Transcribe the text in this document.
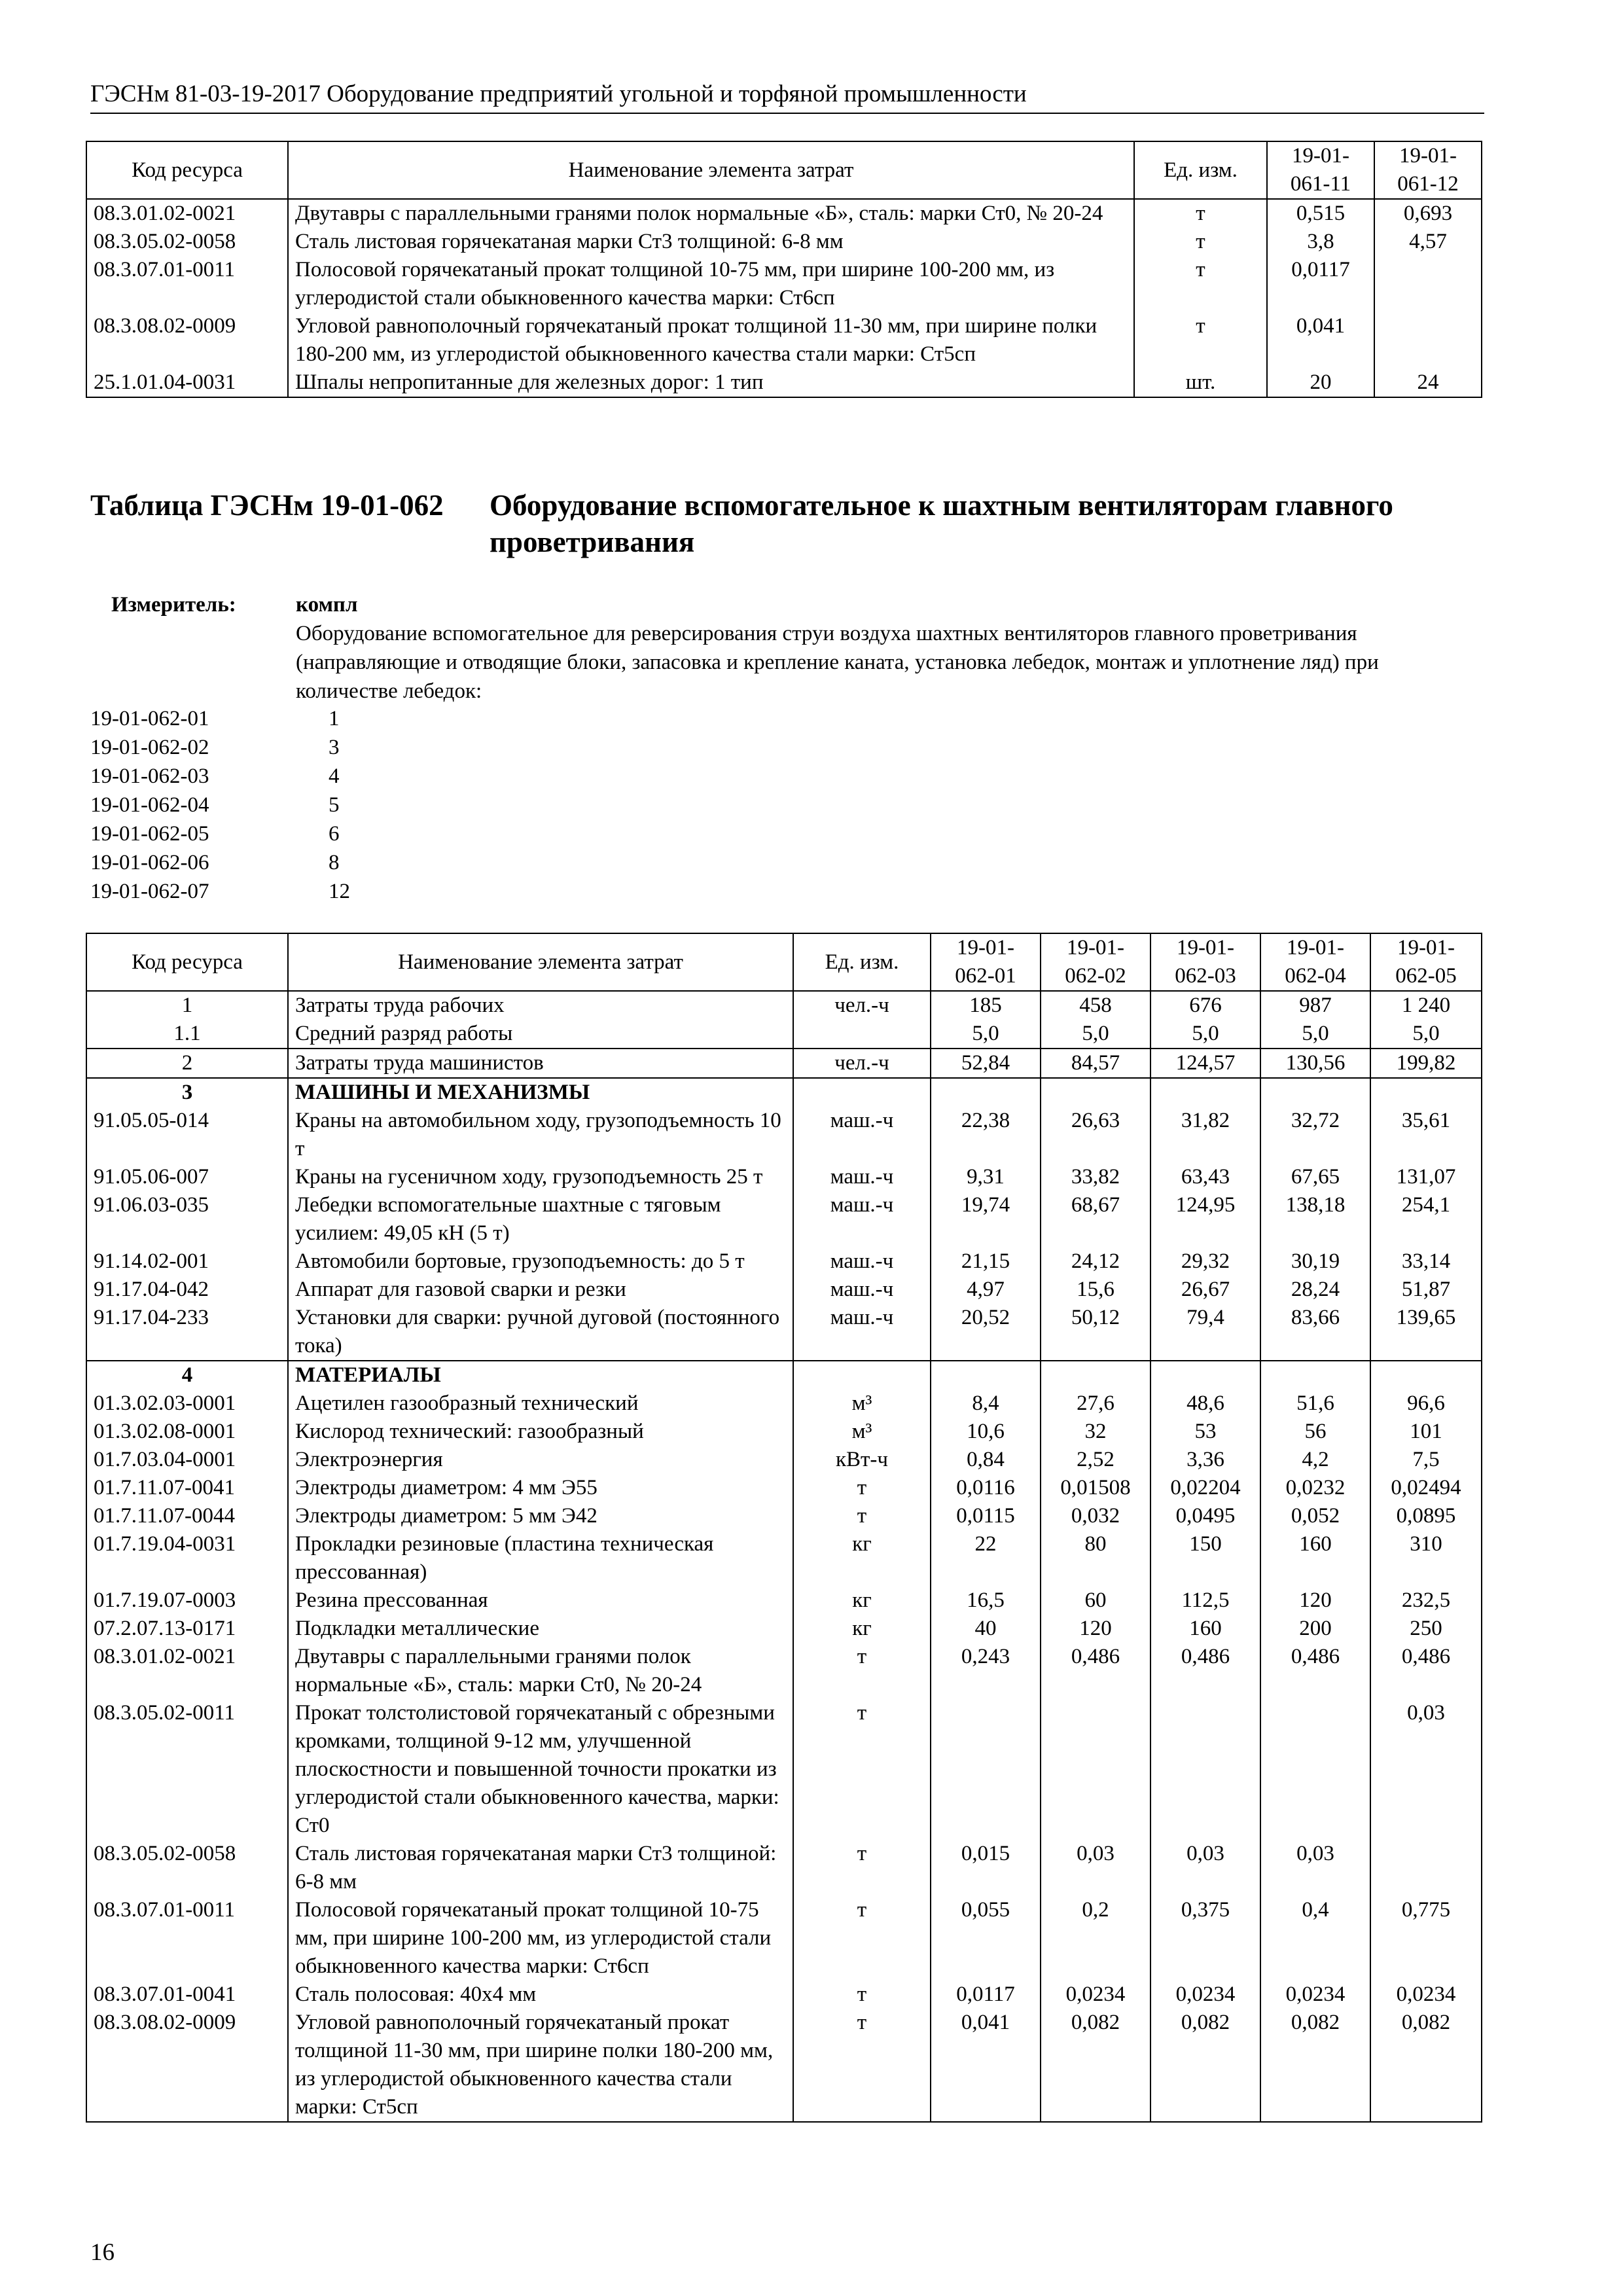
ГЭСНм 81-03-19-2017 Оборудование предприятий угольной и торфяной промышленности
Код ресурса	Наименование элемента затрат	Ед. изм.	19-01-061-11	19-01-061-12
08.3.01.02-0021	Двутавры с параллельными гранями полок нормальные «Б», сталь: марки Ст0, № 20-24	т	0,515	0,693
08.3.05.02-0058	Сталь листовая горячекатаная марки Ст3 толщиной: 6-8 мм	т	3,8	4,57
08.3.07.01-0011	Полосовой горячекатаный прокат толщиной 10-75 мм, при ширине 100-200 мм, из углеродистой стали обыкновенного качества марки: Ст6сп	т	0,0117	
08.3.08.02-0009	Угловой равнополочный горячекатаный прокат толщиной 11-30 мм, при ширине полки 180-200 мм, из углеродистой обыкновенного качества стали марки: Ст5сп	т	0,041	
25.1.01.04-0031	Шпалы непропитанные для железных дорог: 1 тип	шт.	20	24
Таблица ГЭСНм 19-01-062	Оборудование вспомогательное к шахтным вентиляторам главного проветривания
Измеритель:	компл
Оборудование вспомогательное для реверсирования струи воздуха шахтных вентиляторов главного проветривания (направляющие и отводящие блоки, запасовка и крепление каната, установка лебедок, монтаж и уплотнение ляд) при количестве лебедок:
19-01-062-01	1
19-01-062-02	3
19-01-062-03	4
19-01-062-04	5
19-01-062-05	6
19-01-062-06	8
19-01-062-07	12
Код ресурса	Наименование элемента затрат	Ед. изм.	19-01-062-01	19-01-062-02	19-01-062-03	19-01-062-04	19-01-062-05
1	Затраты труда рабочих	чел.-ч	185	458	676	987	1 240
1.1	Средний разряд работы		5,0	5,0	5,0	5,0	5,0
2	Затраты труда машинистов	чел.-ч	52,84	84,57	124,57	130,56	199,82
3	МАШИНЫ И МЕХАНИЗМЫ						
91.05.05-014	Краны на автомобильном ходу, грузоподъемность 10 т	маш.-ч	22,38	26,63	31,82	32,72	35,61
91.05.06-007	Краны на гусеничном ходу, грузоподъемность 25 т	маш.-ч	9,31	33,82	63,43	67,65	131,07
91.06.03-035	Лебедки вспомогательные шахтные с тяговым усилием: 49,05 кН (5 т)	маш.-ч	19,74	68,67	124,95	138,18	254,1
91.14.02-001	Автомобили бортовые, грузоподъемность: до 5 т	маш.-ч	21,15	24,12	29,32	30,19	33,14
91.17.04-042	Аппарат для газовой сварки и резки	маш.-ч	4,97	15,6	26,67	28,24	51,87
91.17.04-233	Установки для сварки: ручной дуговой (постоянного тока)	маш.-ч	20,52	50,12	79,4	83,66	139,65
4	МАТЕРИАЛЫ						
01.3.02.03-0001	Ацетилен газообразный технический	м³	8,4	27,6	48,6	51,6	96,6
01.3.02.08-0001	Кислород технический: газообразный	м³	10,6	32	53	56	101
01.7.03.04-0001	Электроэнергия	кВт-ч	0,84	2,52	3,36	4,2	7,5
01.7.11.07-0041	Электроды диаметром: 4 мм Э55	т	0,0116	0,01508	0,02204	0,0232	0,02494
01.7.11.07-0044	Электроды диаметром: 5 мм Э42	т	0,0115	0,032	0,0495	0,052	0,0895
01.7.19.04-0031	Прокладки резиновые (пластина техническая прессованная)	кг	22	80	150	160	310
01.7.19.07-0003	Резина прессованная	кг	16,5	60	112,5	120	232,5
07.2.07.13-0171	Подкладки металлические	кг	40	120	160	200	250
08.3.01.02-0021	Двутавры с параллельными гранями полок нормальные «Б», сталь: марки Ст0, № 20-24	т	0,243	0,486	0,486	0,486	0,486
08.3.05.02-0011	Прокат толстолистовой горячекатаный с обрезными кромками, толщиной 9-12 мм, улучшенной плоскостности и повышенной точности прокатки из углеродистой стали обыкновенного качества, марки: Ст0	т					0,03
08.3.05.02-0058	Сталь листовая горячекатаная марки Ст3 толщиной: 6-8 мм	т	0,015	0,03	0,03	0,03	
08.3.07.01-0011	Полосовой горячекатаный прокат толщиной 10-75 мм, при ширине 100-200 мм, из углеродистой стали обыкновенного качества марки: Ст6сп	т	0,055	0,2	0,375	0,4	0,775
08.3.07.01-0041	Сталь полосовая: 40х4 мм	т	0,0117	0,0234	0,0234	0,0234	0,0234
08.3.08.02-0009	Угловой равнополочный горячекатаный прокат толщиной 11-30 мм, при ширине полки 180-200 мм, из углеродистой обыкновенного качества стали марки: Ст5сп	т	0,041	0,082	0,082	0,082	0,082
16
